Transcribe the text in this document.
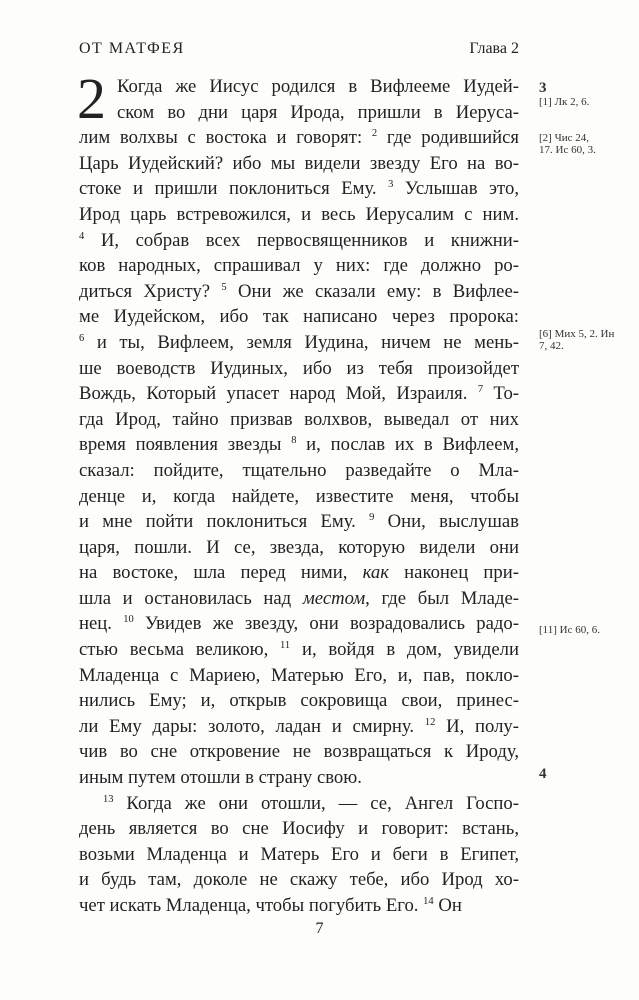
ОТ МАТФЕЯ	Глава 2
2 Когда же Иисус родился в Вифлееме Иудей-
ском во дни царя Ирода, пришли в Иеруса-
лим волхвы с востока и говорят: $^2$ где родившийся
Царь Иудейский? ибо мы видели звезду Его на во-
стоке и пришли поклониться Ему. $^3$ Услышав это,
Ирод царь встревожился, и весь Иерусалим с ним.
$^4$ И, собрав всех первосвященников и книжни-
ков народных, спрашивал у них: где должно ро-
диться Христу? $^5$ Они же сказали ему: в Вифлее-
ме Иудейском, ибо так написано через пророка:
$^6$ и ты, Вифлеем, земля Иудина, ничем не мень-
ше воеводств Иудиных, ибо из тебя произойдет
Вождь, Который упасет народ Мой, Израиля. $^7$ То-
гда Ирод, тайно призвав волхвов, выведал от них
время появления звезды $^8$ и, послав их в Вифлеем,
сказал: пойдите, тщательно разведайте о Мла-
денце и, когда найдете, известите меня, чтобы
и мне пойти поклониться Ему. $^9$ Они, выслушав
царя, пошли. И се, звезда, которую видели они
на востоке, шла перед ними, как наконец при-
шла и остановилась над местом, где был Младе-
нец. $^{10}$ Увидев же звезду, они возрадовались радо-
стью весьма великою, $^{11}$ и, войдя в дом, увидели
Младенца с Мариею, Матерью Его, и, пав, покло-
нились Ему; и, открыв сокровища свои, принес-
ли Ему дары: золото, ладан и смирну. $^{12}$ И, полу-
чив во сне откровение не возвращаться к Ироду,
иным путем отошли в страну свою.
$^{13}$ Когда же они отошли, — се, Ангел Госпо-
день является во сне Иосифу и говорит: встань,
возьми Младенца и Матерь Его и беги в Египет,
и будь там, доколе не скажу тебе, ибо Ирод хо-
чет искать Младенца, чтобы погубить Его. $^{14}$ Он
3
[1] Лк 2, 6.
[2] Чис 24, 17. Ис 60, 3.
[6] Мих 5, 2. Ин 7, 42.
[11] Ис 60, 6.
4
7
